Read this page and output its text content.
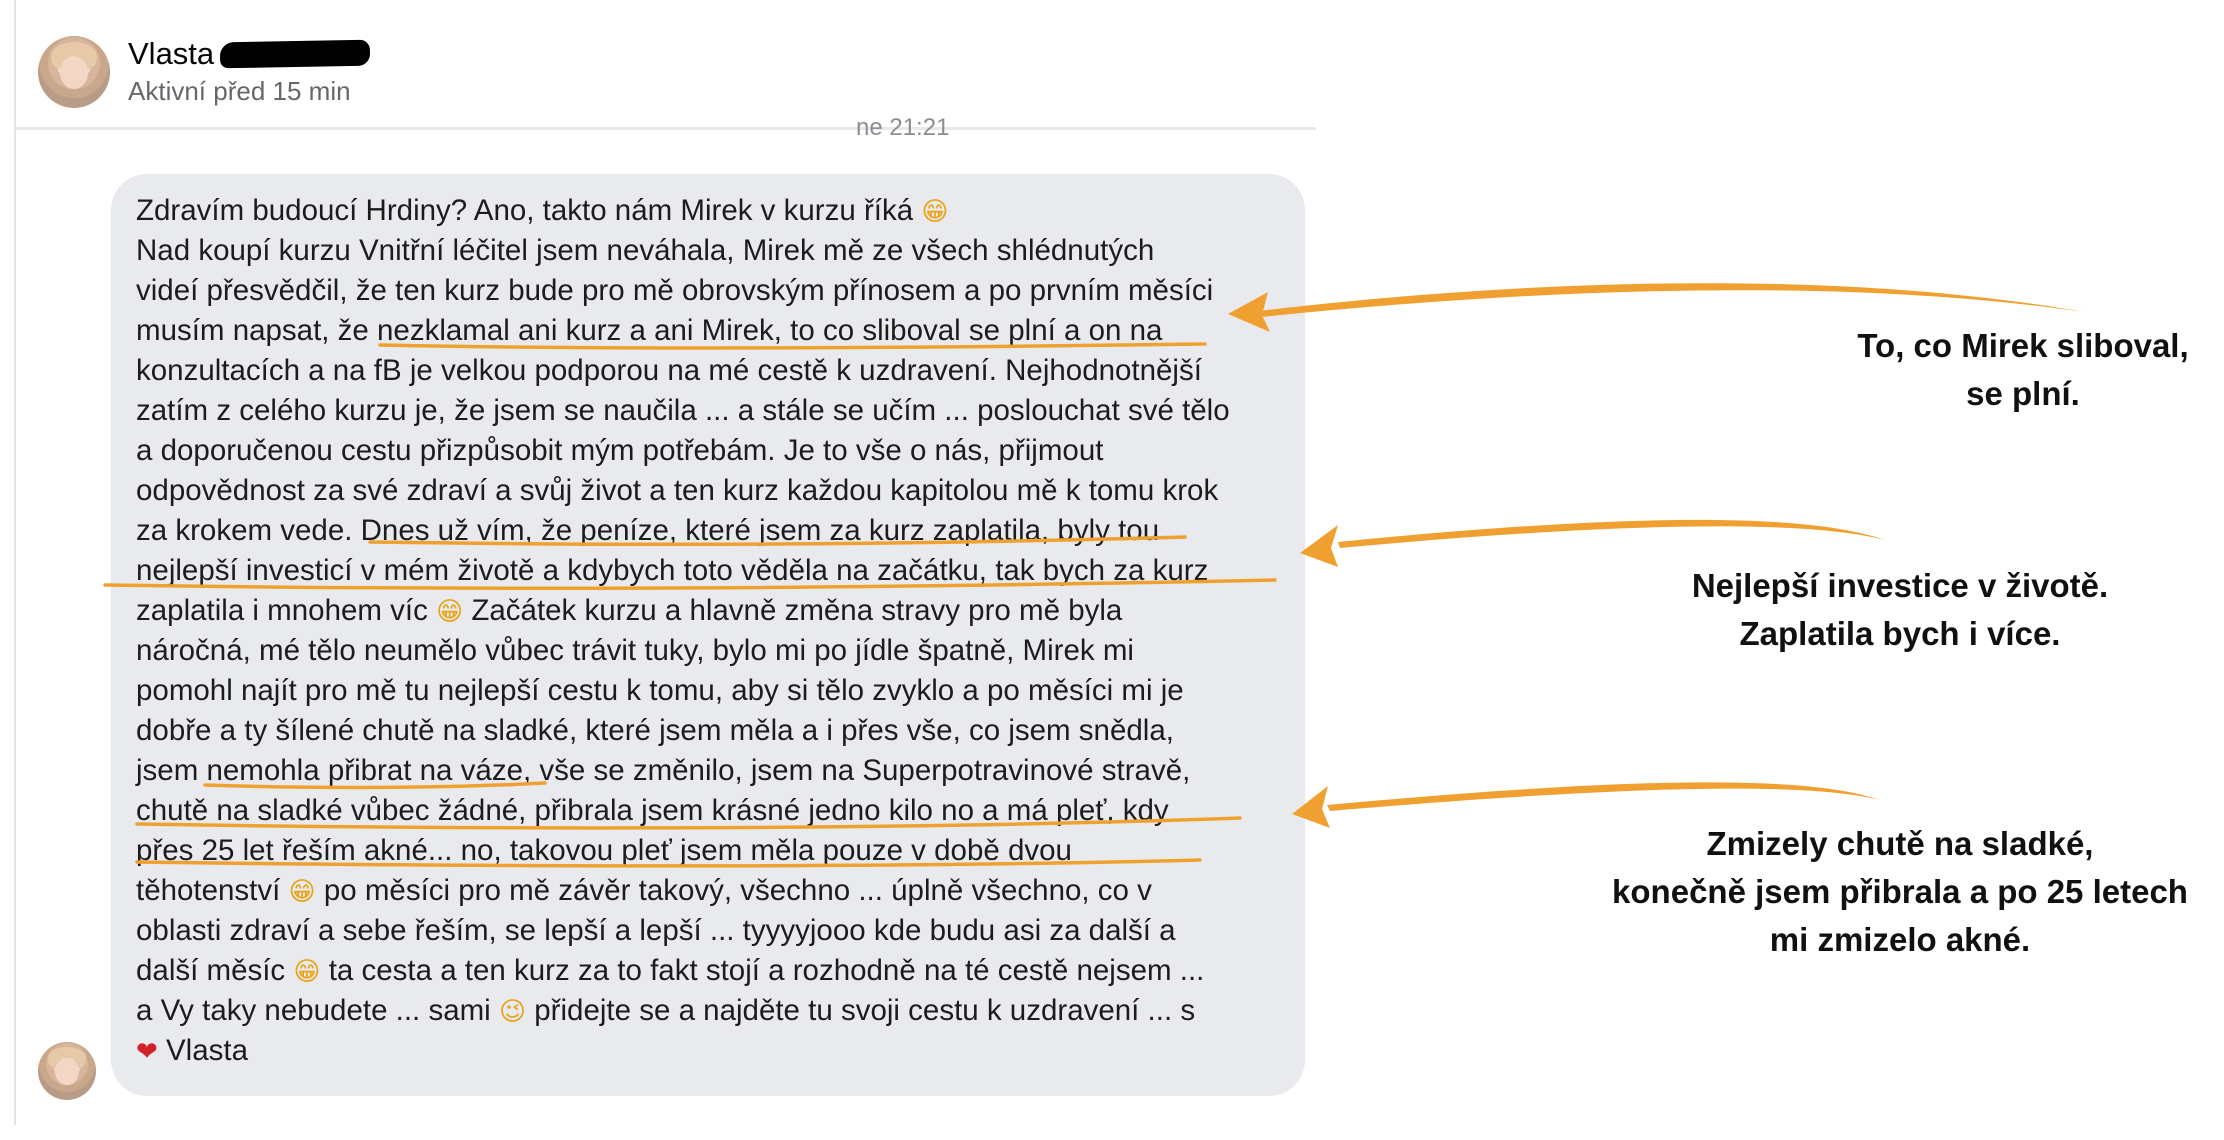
Vlasta
Aktivní před 15 min
ne 21:21
Zdravím budoucí Hrdiny? Ano, takto nám Mirek v kurzu říká 😁
Nad koupí kurzu Vnitřní léčitel jsem neváhala, Mirek mě ze všech shlédnutých
videí přesvědčil, že ten kurz bude pro mě obrovským přínosem a po prvním měsíci
musím napsat, že nezklamal ani kurz a ani Mirek, to co sliboval se plní a on na
konzultacích a na fB je velkou podporou na mé cestě k uzdravení. Nejhodnotnější
zatím z celého kurzu je, že jsem se naučila ... a stále se učím ... poslouchat své tělo
a doporučenou cestu přizpůsobit mým potřebám. Je to vše o nás, přijmout
odpovědnost za své zdraví a svůj život a ten kurz každou kapitolou mě k tomu krok
za krokem vede. Dnes už vím, že peníze, které jsem za kurz zaplatila, byly tou
nejlepší investicí v mém životě a kdybych toto věděla na začátku, tak bych za kurz
zaplatila i mnohem víc 😁 Začátek kurzu a hlavně změna stravy pro mě byla
náročná, mé tělo neumělo vůbec trávit tuky, bylo mi po jídle špatně, Mirek mi
pomohl najít pro mě tu nejlepší cestu k tomu, aby si tělo zvyklo a po měsíci mi je
dobře a ty šílené chutě na sladké, které jsem měla a i přes vše, co jsem snědla,
jsem nemohla přibrat na váze, vše se změnilo, jsem na Superpotravinové stravě,
chutě na sladké vůbec žádné, přibrala jsem krásné jedno kilo no a má pleť, kdy
přes 25 let řeším akné... no, takovou pleť jsem měla pouze v době dvou
těhotenství 😁 po měsíci pro mě závěr takový, všechno ... úplně všechno, co v
oblasti zdraví a sebe řeším, se lepší a lepší ... tyyyyjooo kde budu asi za další a
další měsíc 😁 ta cesta a ten kurz za to fakt stojí a rozhodně na té cestě nejsem ...
a Vy taky nebudete ... sami 😉 přidejte se a najděte tu svoji cestu k uzdravení ... s
❤ Vlasta
To, co Mirek sliboval,
se plní.
Nejlepší investice v životě.
Zaplatila bych i více.
Zmizely chutě na sladké,
konečně jsem přibrala a po 25 letech
mi zmizelo akné.
